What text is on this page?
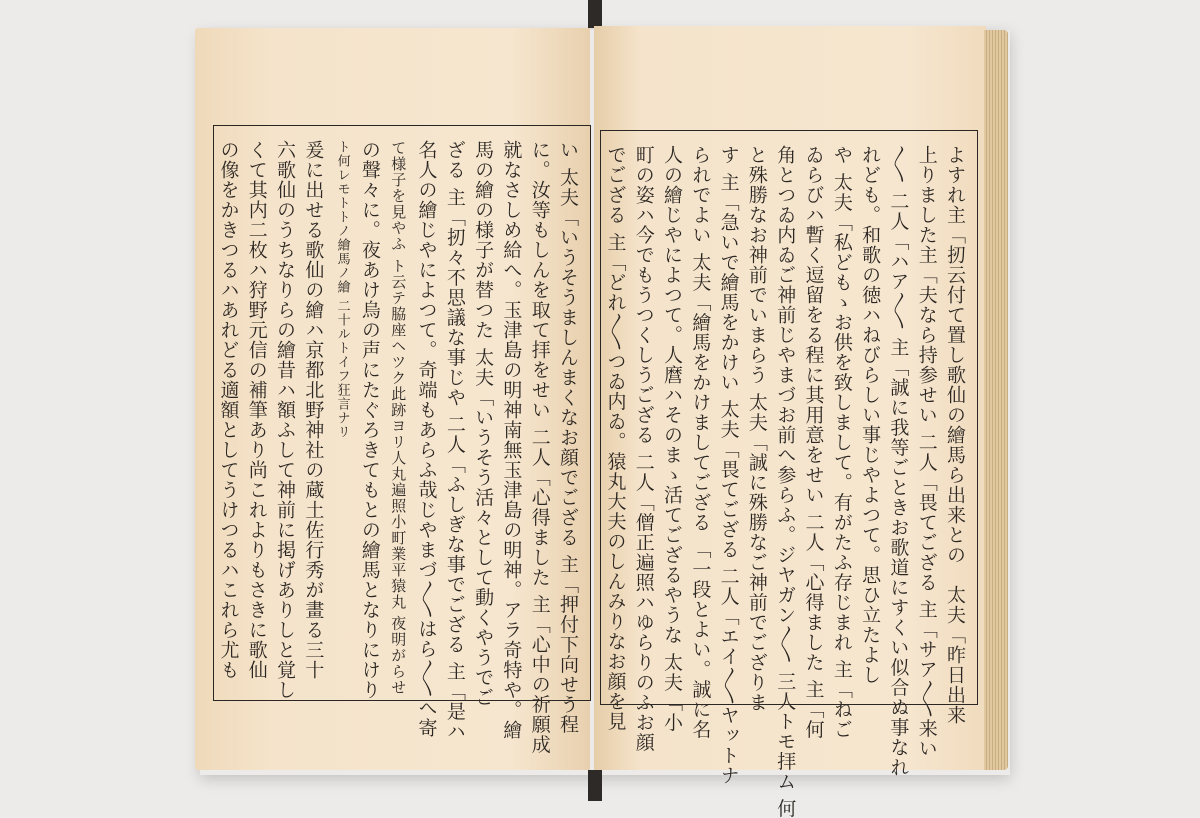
よすれ主「扨云付て置し歌仙の繪馬ら出来との　太夫「昨日出来
上りました主「夫なら持参せい 二人「畏てござる 主「サア〳〵来い
〳〵 二人「ハア〳〵 主「誠に我等ごときお歌道にすくい似合ぬ事なれ
れども。和歌の徳ハねびらしい事じやよつて。思ひ立たよし
や 太夫「私どもゝお供を致しまして。有がたふ存じまれ 主「ねご
ゐらびハ暫く逗留をる程に其用意をせい 二人「心得ました 主「何
角とつゐ内ゐご神前じやまづお前へ参らふ。ジヤガン〳〵 三人トモ拝ム 何
と殊勝なお神前でいまらう 太夫「誠に殊勝なご神前でござりま
す 主「急いで繪馬をかけい 太夫「畏てござる 二人「エイ〳〵ヤットナ
られでよい 太夫「繪馬をかけましてござる 「一段とよい。誠に名
人の繪じやによつて。人麿ハそのまゝ活てござるやうな 太夫「小
町の姿ハ今でもうつくしうござる 二人「僧正遍照ハゆらりのふお顔
でござる 主「どれ〳〵つゐ内ゐ。猿丸大夫のしんみりなお顔を見
い 太夫「いうそうましんまくなお顔でござる 主「押付下向せう程
に。汝等もしんを取て拝をせい 二人「心得ました 主「心中の祈願成
就なさしめ給へ。玉津島の明神南無玉津島の明神。アラ奇特や。繪
馬の繪の様子が替つた 太夫「いうそう活々として動くやうでご
ざる 主「扨々不思議な事じや 二人「ふしぎな事でござる 主「是ハ
名人の繪じやによつて。奇端もあらふ哉じやまづ〳〵はら〳〵へ寄
て様子を見やふ ト云テ脇座ヘツク此跡ヨリ人丸遍照小町業平猿丸 夜明がらせ
の聲々に。夜あけ烏の声にたぐろきてもとの繪馬となりにけり
ト何レモトトノ繪馬ノ繪 二十ルトイフ狂言ナリ
爰に出せる歌仙の繪ハ京都北野神社の蔵土佐行秀が畫る三十
六歌仙のうちなりらの繪昔ハ額ふして神前に掲げありしと覚し
くて其内二枚ハ狩野元信の補筆あり尚これよりもさきに歌仙
の像をかきつるハあれどる適額としてうけつるハこれら尤も
